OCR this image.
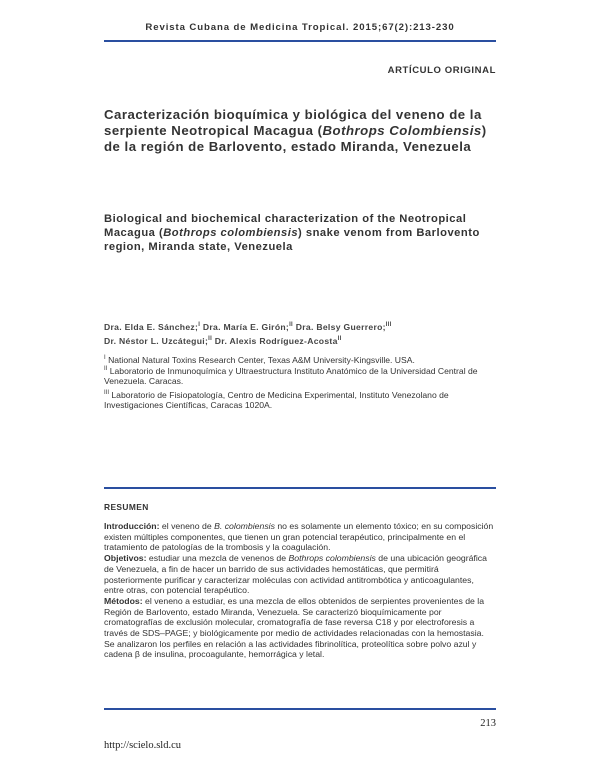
Revista Cubana de Medicina Tropical. 2015;67(2):213-230
ARTÍCULO ORIGINAL
Caracterización bioquímica y biológica del veneno de la serpiente Neotropical Macagua (Bothrops Colombiensis) de la región de Barlovento, estado Miranda, Venezuela
Biological and biochemical characterization of the Neotropical Macagua (Bothrops colombiensis) snake venom from Barlovento region, Miranda state, Venezuela
Dra. Elda E. Sánchez;$^I$ Dra. María E. Girón;$^{II}$ Dra. Belsy Guerrero;$^{III}$
Dr. Néstor L. Uzcátegui;$^{II}$ Dr. Alexis Rodríguez-Acosta$^{II}$
$^I$ National Natural Toxins Research Center, Texas A&M University-Kingsville. USA.
$^{II}$ Laboratorio de Inmunoquímica y Ultraestructura Instituto Anatómico de la Universidad Central de Venezuela. Caracas.
$^{III}$ Laboratorio de Fisiopatología, Centro de Medicina Experimental, Instituto Venezolano de Investigaciones Científicas, Caracas 1020A.
RESUMEN

Introducción: el veneno de B. colombiensis no es solamente un elemento tóxico; en su composición existen múltiples componentes, que tienen un gran potencial terapéutico, principalmente en el tratamiento de patologías de la trombosis y la coagulación.

Objetivos: estudiar una mezcla de venenos de Bothrops colombiensis de una ubicación geográfica de Venezuela, a fin de hacer un barrido de sus actividades hemostáticas, que permitirá posteriormente purificar y caracterizar moléculas con actividad antitrombótica y anticoagulantes, entre otras, con potencial terapéutico.

Métodos: el veneno a estudiar, es una mezcla de ellos obtenidos de serpientes provenientes de la Región de Barlovento, estado Miranda, Venezuela. Se caracterizó bioquímicamente por cromatografías de exclusión molecular, cromatografía de fase reversa C18 y por electroforesis a través de SDS–PAGE; y biológicamente por medio de actividades relacionadas con la hemostasia. Se analizaron los perfiles en relación a las actividades fibrinolítica, proteolítica sobre polvo azul y cadena β de insulina, procoagulante, hemorrágica y letal.

213
http://scielo.sld.cu
